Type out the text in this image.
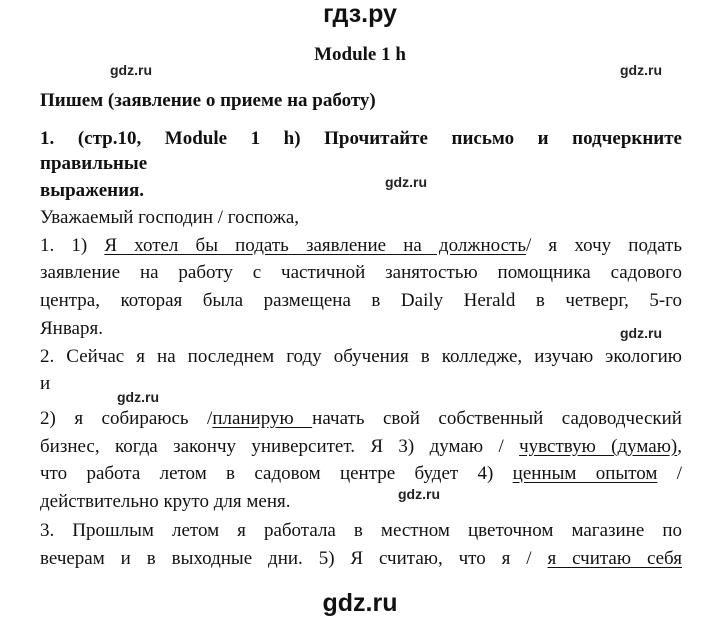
гдз.ру
gdz.ru	gdz.ru
Module 1 h
Пишем (заявление о приеме на работу)
1. (стр.10, Module 1 h) Прочитайте письмо и подчеркните
правильные
gdz.ru
выражения.
Уважаемый господин / госпожа,
1. 1) Я хотел бы подать заявление на должность/ я хочу подать
заявление на работу с частичной занятостью помощника садового
центра, которая была размещена в Daily Herald в четверг, 5-го
Января.	gdz.ru
2. Сейчас я на последнем году обучения в колледже, изучаю экологию
и
gdz.ru
2) я собираюсь /планирую начать свой собственный садоводческий
бизнес, когда закончу университет. Я 3) думаю / чувствую (думаю),
что работа летом в садовом центре будет 4) ценным опытом /
gdz.ru
действительно круто для меня.
3. Прошлым летом я работала в местном цветочном магазине по
вечерам и в выходные дни. 5) Я считаю, что я / я считаю себя
gdz.ru
